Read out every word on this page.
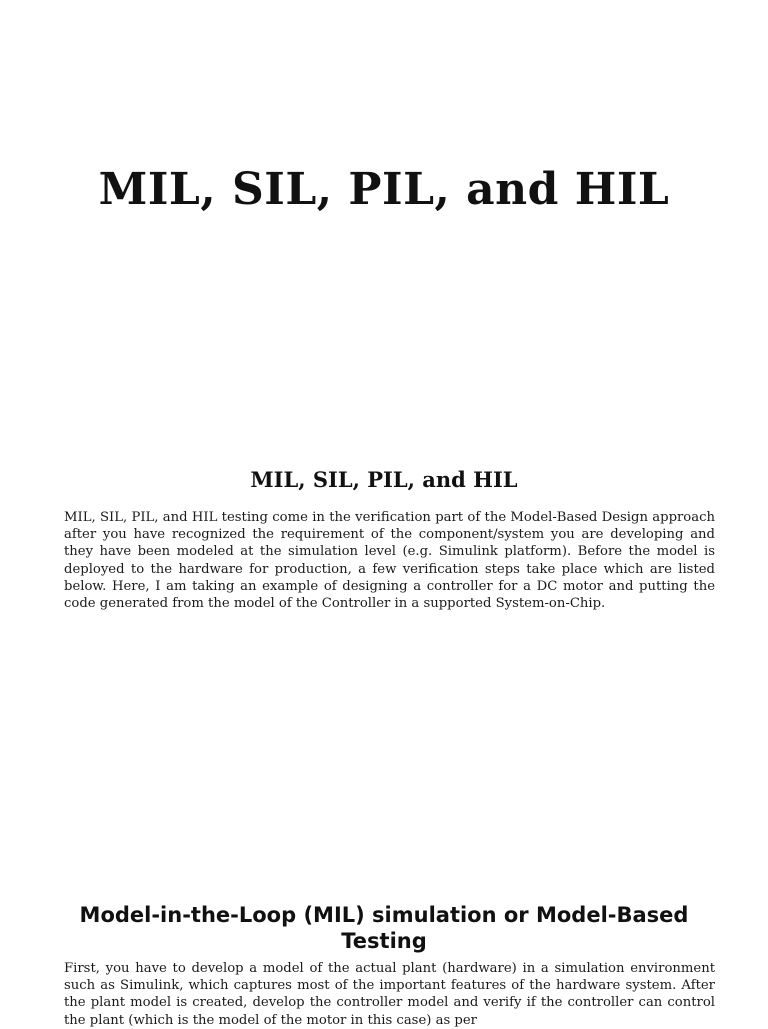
MIL, SIL, PIL, and HIL
MIL, SIL, PIL, and HIL

MIL, SIL, PIL, and HIL testing come in the verification part of the Model-Based Design approach after you have recognized the requirement of the component/system you are developing and they have been modeled at the simulation level (e.g. Simulink platform). Before the model is deployed to the hardware for production, a few verification steps take place which are listed below. Here, I am taking an example of designing a controller for a DC motor and putting the code generated from the model of the Controller in a supported System-on-Chip.

Model-in-the-Loop (MIL) simulation or Model-Based Testing

First, you have to develop a model of the actual plant (hardware) in a simulation environment such as Simulink, which captures most of the important features of the hardware system. After the plant model is created, develop the controller model and verify if the controller can control the plant (which is the model of the motor in this case) as per
